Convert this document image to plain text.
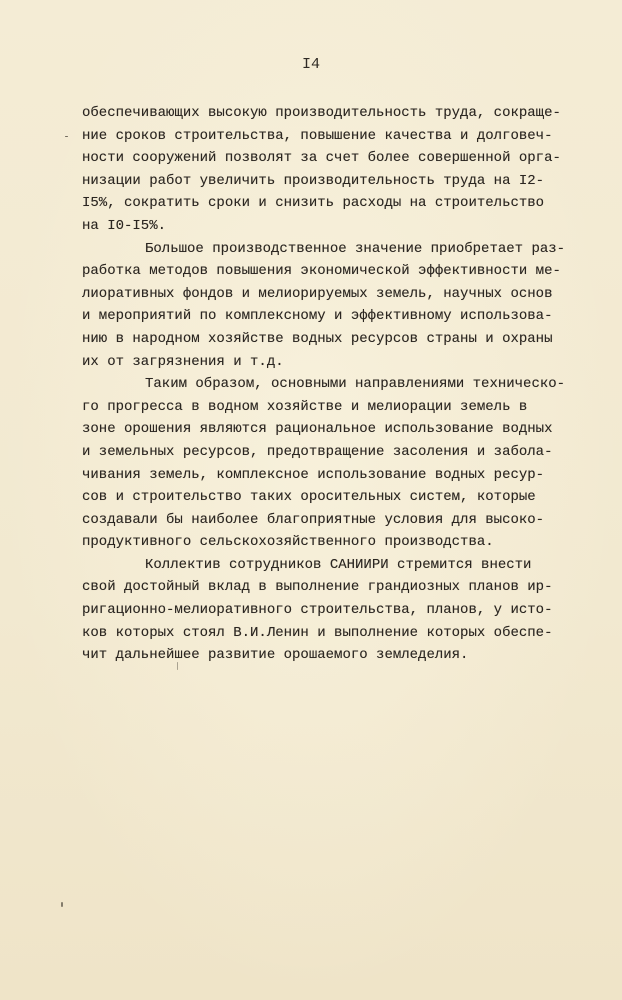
I4
обеспечивающих высокую производительность труда, сокраще-
ние сроков строительства, повышение качества и долговеч-
ности сооружений позволят за счет более совершенной орга-
низации работ увеличить производительность труда на I2-
I5%, сократить сроки и снизить расходы на строительство
на I0-I5%.
Большое производственное значение приобретает раз-
работка методов повышения экономической эффективности ме-
лиоративных фондов и мелиорируемых земель, научных основ
и мероприятий по комплексному и эффективному использова-
нию в народном хозяйстве водных ресурсов страны и охраны
их от загрязнения и т.д.
Таким образом, основными направлениями техническо-
го прогресса в водном хозяйстве и мелиорации земель в
зоне орошения являются рациональное использование водных
и земельных ресурсов, предотвращение засоления и забола-
чивания земель, комплексное использование водных ресур-
сов и строительство таких оросительных систем, которые
создавали бы наиболее благоприятные условия для высоко-
продуктивного сельскохозяйственного производства.
Коллектив сотрудников САНИИРИ стремится внести
свой достойный вклад в выполнение грандиозных планов ир-
ригационно-мелиоративного строительства, планов, у исто-
ков которых стоял В.И.Ленин и выполнение которых обеспе-
чит дальнейшее развитие орошаемого земледелия.
